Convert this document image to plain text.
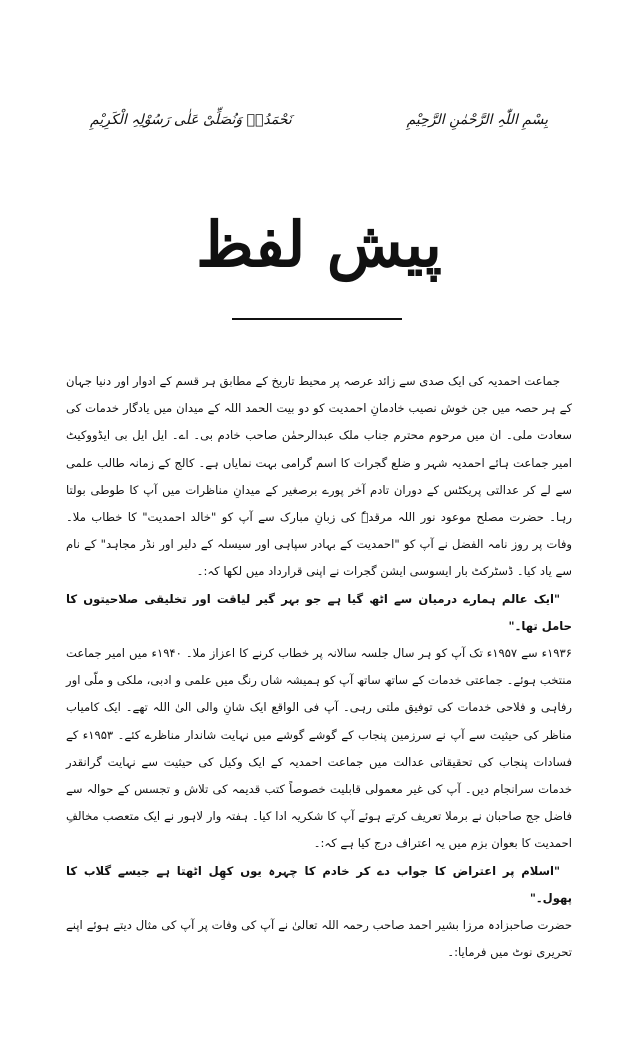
نَحْمَدُہٗ وَنُصَلِّیْ عَلٰی رَسُوْلِہِ الْکَرِیْمِ	بِسْمِ اللّٰہِ الرَّحْمٰنِ الرَّحِیْمِ
پیش لفظ

جماعت احمدیہ کی ایک صدی سے زائد عرصہ پر محیط تاریخ کے مطابق ہر قسم کے ادوار اور دنیا جہان کے ہر حصہ میں جن خوش نصیب خادمانِ احمدیت کو دو بیت الحمد اللہ کے میدان میں یادگار خدمات کی سعادت ملی۔ ان میں مرحوم محترم جناب ملک عبدالرحمٰن صاحب خادم بی۔ اے۔ ایل ایل بی ایڈووکیٹ امیر جماعت ہائے احمدیہ شہر و ضلع گجرات کا اسم گرامی بہت نمایاں ہے۔ کالج کے زمانہ طالب علمی سے لے کر عدالتی پریکٹس کے دوران تادم آخر پورے برصغیر کے میدانِ مناظرات میں آپ کا طوطی بولتا رہا۔ حضرت مصلح موعود نور اللہ مرقدہٗ کی زبانِ مبارک سے آپ کو "خالد احمدیت" کا خطاب ملا۔ وفات پر روز نامہ الفضل نے آپ کو "احمدیت کے بہادر سپاہی اور سیسلہ کے دلیر اور نڈر مجاہد" کے نام سے یاد کیا۔ ڈسٹرکٹ بار ایسوسی ایشن گجرات نے اپنی قرارداد میں لکھا کہ:۔

"ایک عالم ہمارے درمیان سے اٹھ گیا ہے جو بہر گیر لیاقت اور تخلیقی صلاحیتوں کا حامل تھا۔"

۱۹۳۶ء سے ۱۹۵۷ء تک آپ کو ہر سال جلسہ سالانہ پر خطاب کرنے کا اعزاز ملا۔ ۱۹۴۰ء میں امیر جماعت منتخب ہوئے۔ جماعتی خدمات کے ساتھ ساتھ آپ کو ہمیشہ شاں رنگ میں علمی و ادبی، ملکی و ملّی اور رفاہی و فلاحی خدمات کی توفیق ملتی رہی۔ آپ فی الواقع ایک شانِ والی الیٰ اللہ تھے۔ ایک کامیاب مناظر کی حیثیت سے آپ نے سرزمین پنجاب کے گوشے گوشے میں نہایت شاندار مناظرے کئے۔ ۱۹۵۳ء کے فسادات پنجاب کی تحقیقاتی عدالت میں جماعت احمدیہ کے ایک وکیل کی حیثیت سے نہایت گرانقدر خدمات سرانجام دیں۔ آپ کی غیر معمولی قابلیت خصوصاً کتب قدیمہ کی تلاش و تجسس کے حوالہ سے فاضل جج صاحبان نے برملا تعریف کرتے ہوئے آپ کا شکریہ ادا کیا۔ ہفتہ وار لاہور نے ایک متعصب مخالفِ احمدیت کا بعوان بزم میں یہ اعتراف درج کیا ہے کہ:۔

"اسلام پر اعتراض کا جواب دے کر خادم کا چہرہ یوں کھِل اٹھتا ہے جیسے گلاب کا پھول۔"

حضرت صاحبزادہ مرزا بشیر احمد صاحب رحمہ اللہ تعالیٰ نے آپ کی وفات پر آپ کی مثال دیتے ہوئے اپنے تحریری نوٹ میں فرمایا:۔
